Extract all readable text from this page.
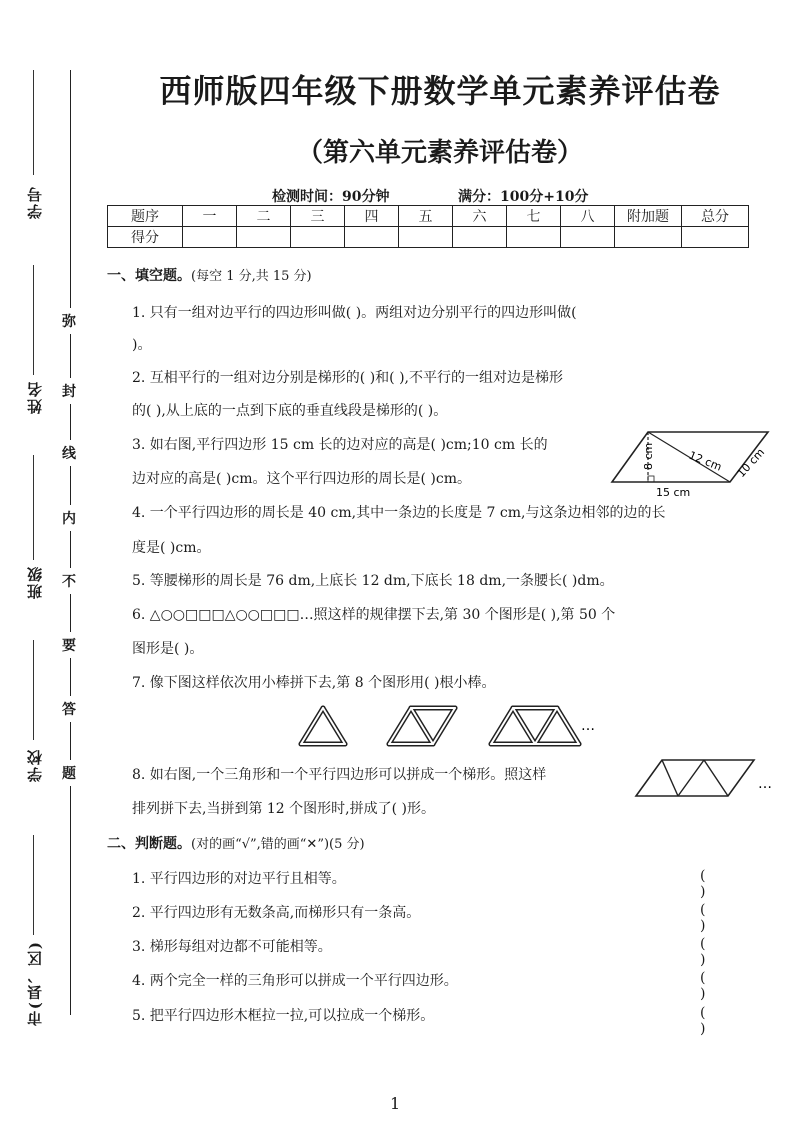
学号
姓名
班级
学校
市(县、区)
弥
封
线
内
不
要
答
题
西师版四年级下册数学单元素养评估卷
（第六单元素养评估卷）
检测时间：90分钟	满分：100分+10分
题序	一	二	三	四	五	六	七	八	附加题	总分
得分										
一、填空题。(每空 1 分,共 15 分)
1. 只有一组对边平行的四边形叫做( )。两组对边分别平行的四边形叫做(
)。
2. 互相平行的一组对边分别是梯形的( )和( ),不平行的一组对边是梯形
的( ),从上底的一点到下底的垂直线段是梯形的( )。
3. 如右图,平行四边形 15 cm 长的边对应的高是( )cm;10 cm 长的
边对应的高是( )cm。这个平行四边形的周长是( )cm。
12 cm 10 cm
8 cm
15 cm
4. 一个平行四边形的周长是 40 cm,其中一条边的长度是 7 cm,与这条边相邻的边的长
度是( )cm。
5. 等腰梯形的周长是 76 dm,上底长 12 dm,下底长 18 dm,一条腰长( )dm。
6. △○○□□□△○○□□□…照这样的规律摆下去,第 30 个图形是( ),第 50 个
图形是( )。
7. 像下图这样依次用小棒拼下去,第 8 个图形用( )根小棒。
…
8. 如右图,一个三角形和一个平行四边形可以拼成一个梯形。照这样
排列拼下去,当拼到第 12 个图形时,拼成了( )形。
…
二、判断题。(对的画“√”,错的画“✕”)(5 分)
1. 平行四边形的对边平行且相等。	( )
2. 平行四边形有无数条高,而梯形只有一条高。	( )
3. 梯形每组对边都不可能相等。	( )
4. 两个完全一样的三角形可以拼成一个平行四边形。	( )
5. 把平行四边形木框拉一拉,可以拉成一个梯形。	( )
1
